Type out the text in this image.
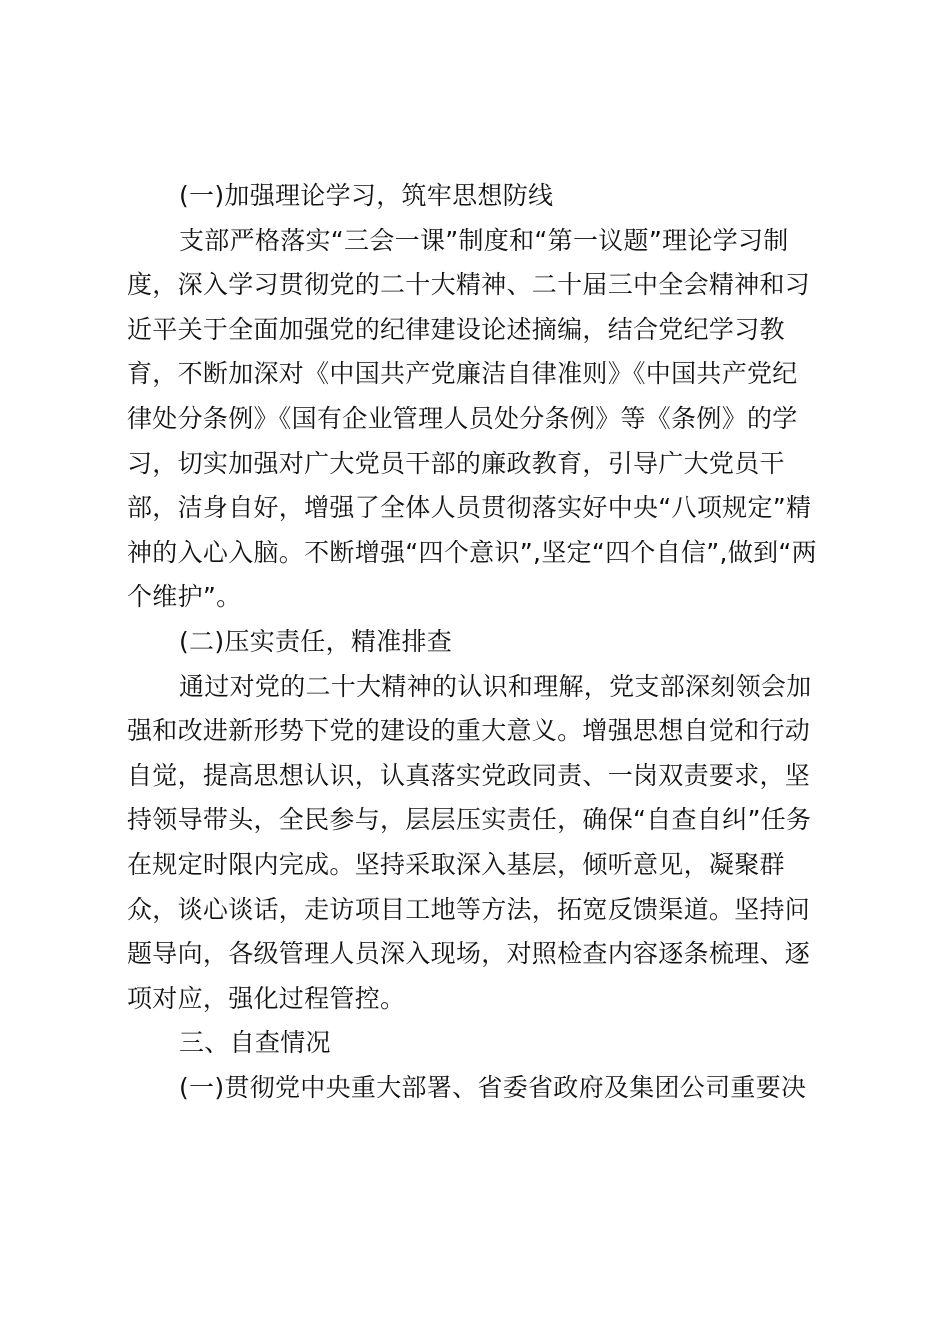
(一)加强理论学习，筑牢思想防线
支部严格落实“三会一课”制度和“第一议题”理论学习制
度，深入学习贯彻党的二十大精神、二十届三中全会精神和习
近平关于全面加强党的纪律建设论述摘编，结合党纪学习教
育，不断加深对《中国共产党廉洁自律准则》《中国共产党纪
律处分条例》《国有企业管理人员处分条例》等《条例》的学
习，切实加强对广大党员干部的廉政教育，引导广大党员干
部，洁身自好，增强了全体人员贯彻落实好中央“八项规定”精
神的入心入脑。不断增强“四个意识”,坚定“四个自信”,做到“两
个维护”。
(二)压实责任，精准排查
通过对党的二十大精神的认识和理解，党支部深刻领会加
强和改进新形势下党的建设的重大意义。增强思想自觉和行动
自觉，提高思想认识，认真落实党政同责、一岗双责要求，坚
持领导带头，全民参与，层层压实责任，确保“自查自纠”任务
在规定时限内完成。坚持采取深入基层，倾听意见，凝聚群
众，谈心谈话，走访项目工地等方法，拓宽反馈渠道。坚持问
题导向，各级管理人员深入现场，对照检查内容逐条梳理、逐
项对应，强化过程管控。
三、自查情况
(一)贯彻党中央重大部署、省委省政府及集团公司重要决
